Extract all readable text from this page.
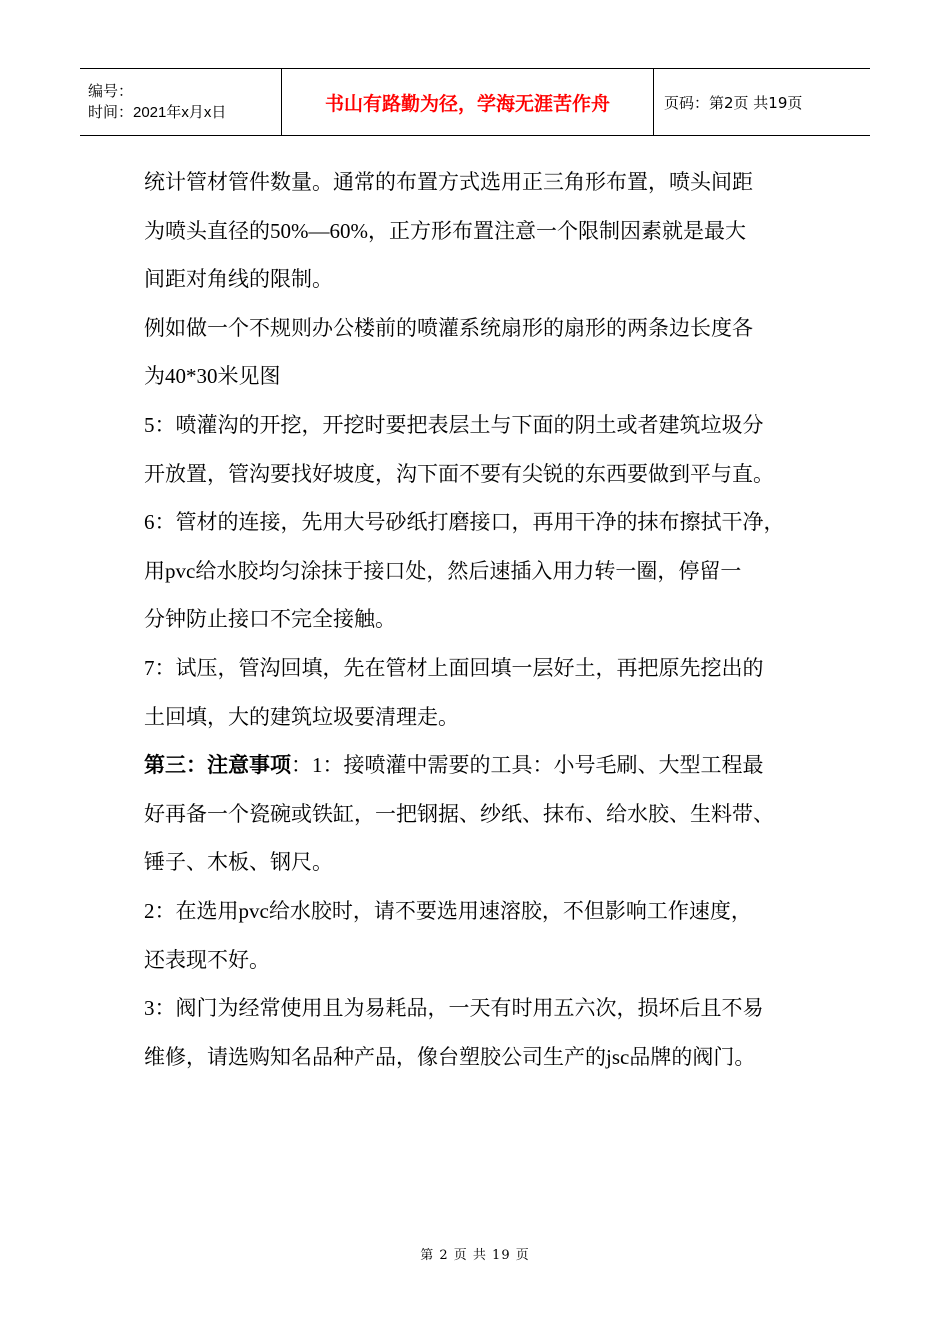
编号：
时间：2021年x月x日	书山有路勤为径，学海无涯苦作舟	页码：第2页 共19页
统计管材管件数量。通常的布置方式选用正三角形布置，喷头间距
为喷头直径的50%—60%，正方形布置注意一个限制因素就是最大
间距对角线的限制。
例如做一个不规则办公楼前的喷灌系统扇形的扇形的两条边长度各
为40*30米见图
5：喷灌沟的开挖，开挖时要把表层土与下面的阴土或者建筑垃圾分
开放置，管沟要找好坡度，沟下面不要有尖锐的东西要做到平与直。
6：管材的连接，先用大号砂纸打磨接口，再用干净的抹布擦拭干净，
用pvc给水胶均匀涂抹于接口处，然后速插入用力转一圈，停留一
分钟防止接口不完全接触。
7：试压，管沟回填，先在管材上面回填一层好土，再把原先挖出的
土回填，大的建筑垃圾要清理走。
第三：注意事项：1：接喷灌中需要的工具：小号毛刷、大型工程最
好再备一个瓷碗或铁缸，一把钢据、纱纸、抹布、给水胶、生料带、
锤子、木板、钢尺。
2：在选用pvc给水胶时，请不要选用速溶胶，不但影响工作速度，
还表现不好。
3：阀门为经常使用且为易耗品，一天有时用五六次，损坏后且不易
维修，请选购知名品种产品，像台塑胶公司生产的jsc品牌的阀门。
第 2 页 共 19 页
